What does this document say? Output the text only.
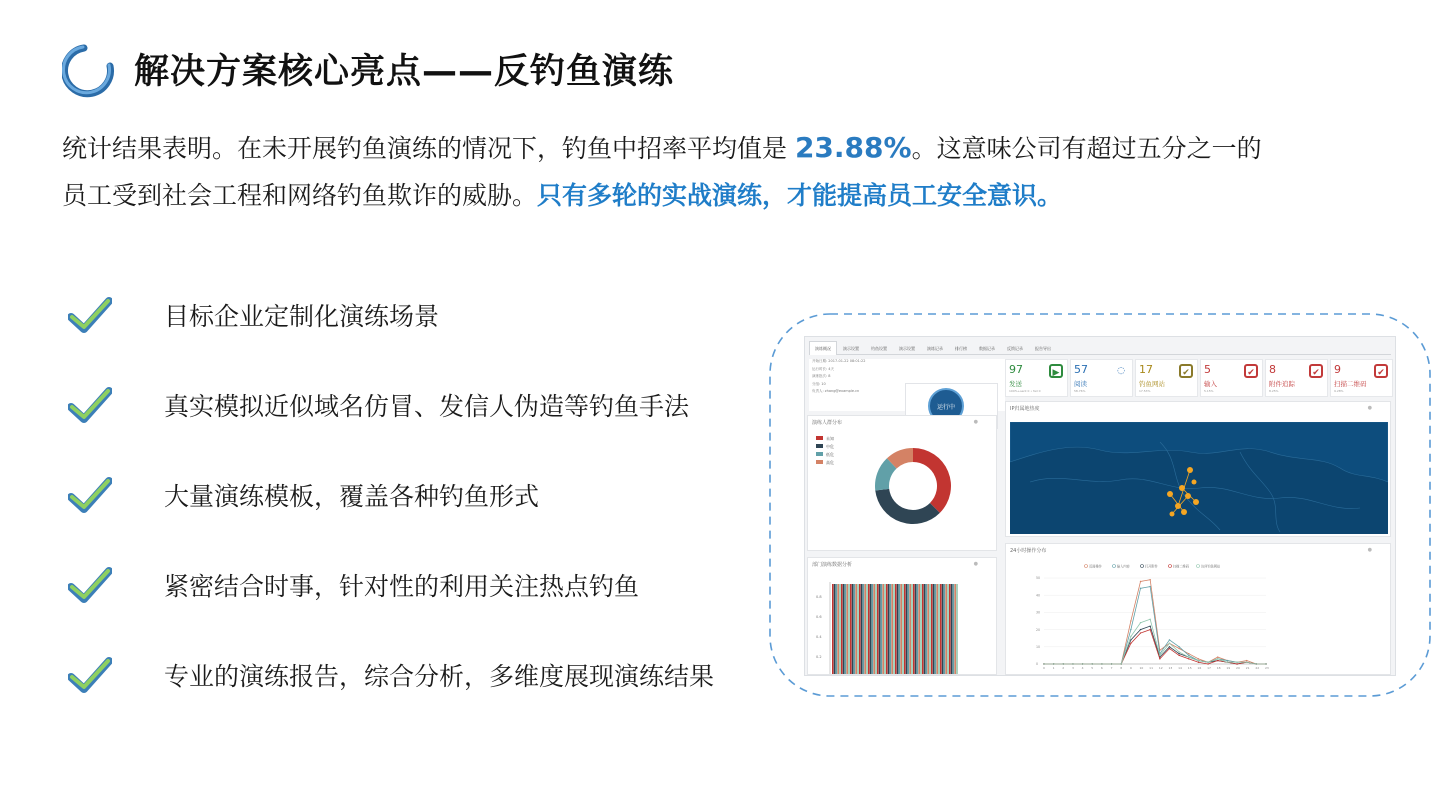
解决方案核心亮点——反钓鱼演练
统计结果表明。在未开展钓鱼演练的情况下，钓鱼中招率平均值是 23.88%。这意味公司有超过五分之一的
员工受到社会工程和网络钓鱼欺诈的威胁。只有多轮的实战演练，才能提高员工安全意识。
目标企业定制化演练场景
真实模拟近似域名仿冒、发信人伪造等钓鱼手法
大量演练模板，覆盖各种钓鱼形式
紧密结合时事，针对性的利用关注热点钓鱼
专业的演练报告，综合分析，多维度展现演练结果
演练概况	演示设置	钓鱼设置	演示设置	演练记录	排行榜	数据记录	反馈记录	报告导出
开始日期: 2017-01-22 08:01:22
运行时长: 4天
演练批次: 8
分组: 10
负责人: zhang@example.cn
运行中
97
发送
100%+sent 0 • fail 0
▶	57
阅读
58.76%
◌ 17
钓鱼网站
17.53%
✔ 5
输入
5.15%
✔ 8
附件追踪
8.25%
✔ 9
扫描二维码
9.28%
✔
演练人群分布	●
未知
中危
低危
高危
IP归属地热度	●
部门演练数据分析	●
0.8
0.6
0.4
0.2
24小时操作分布	●
页面操作	输入内容	打开附件	扫描二维码	访问钓鱼网站
0
10
20
30
40
50
0	1	2	3	4	5	6	7	8	9	10 11 12 13 14 15 16 17 18 19 20 21 22 23
